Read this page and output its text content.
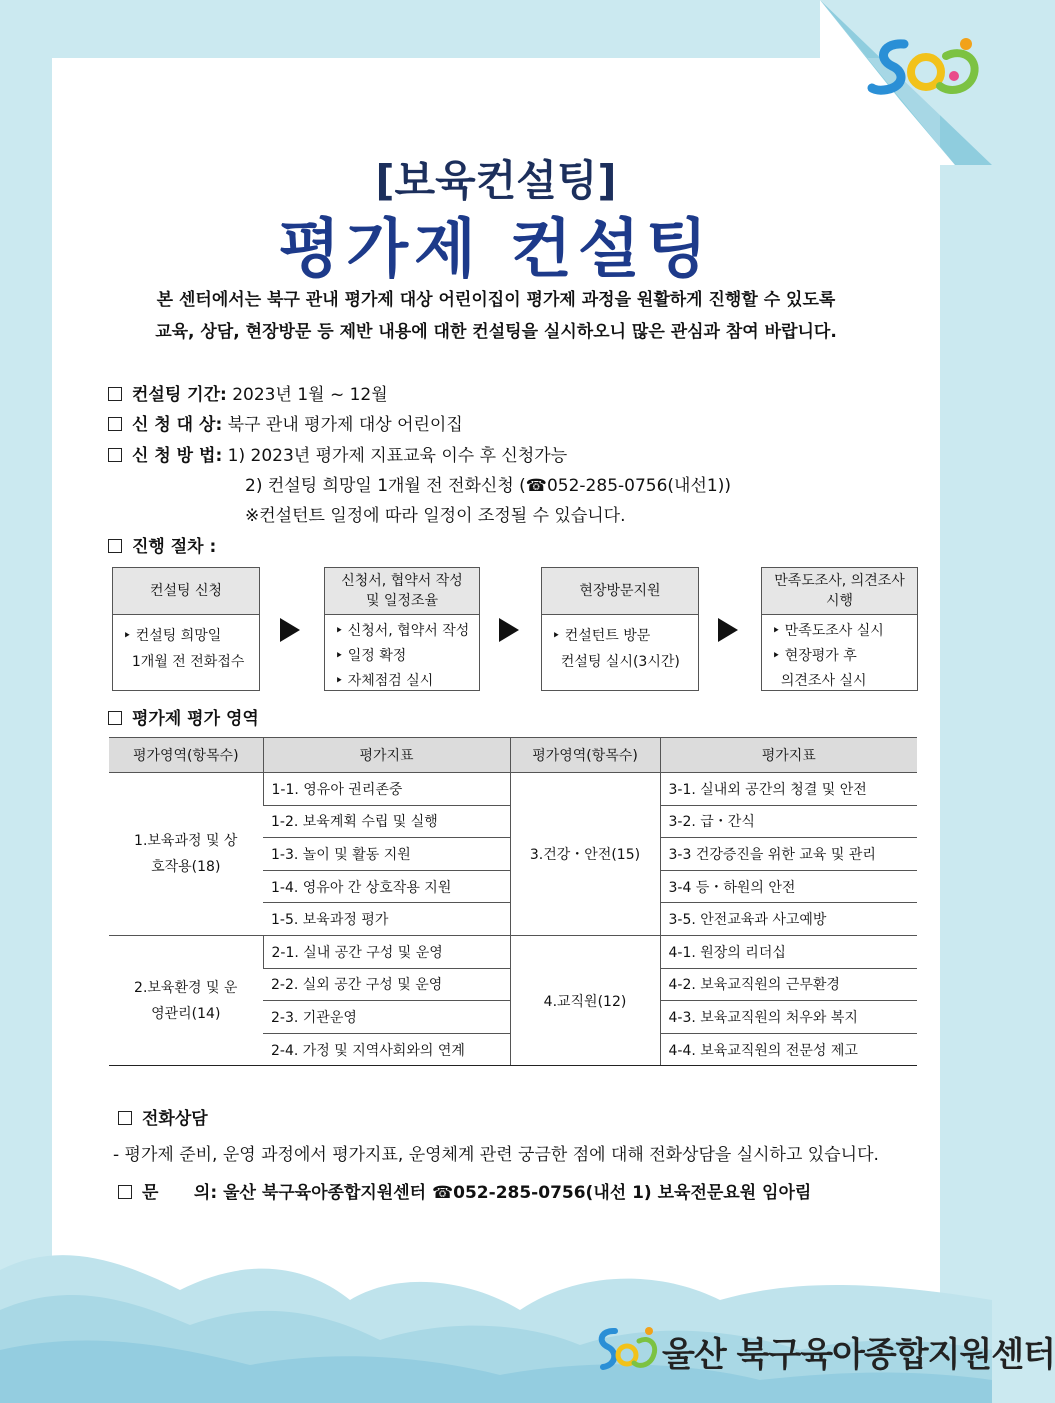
[보육컨설팅]
평가제 컨설팅
본 센터에서는 북구 관내 평가제 대상 어린이집이 평가제 과정을 원활하게 진행할 수 있도록
교육, 상담, 현장방문 등 제반 내용에 대한 컨설팅을 실시하오니 많은 관심과 참여 바랍니다.
컨설팅 기간: 2023년 1월 ~ 12월
신 청 대 상: 북구 관내 평가제 대상 어린이집
신 청 방 법: 1) 2023년 평가제 지표교육 이수 후 신청가능
2) 컨설팅 희망일 1개월 전 전화신청 (☎052-285-0756(내선1))
※컨설턴트 일정에 따라 일정이 조정될 수 있습니다.
진행 절차 :
컨설팅 신청
‣ 컨설팅 희망일
1개월 전 전화접수
신청서, 협약서 작성 및 일정조율
‣ 신청서, 협약서 작성
‣ 일정 확정
‣ 자체점검 실시
현장방문지원
‣ 컨설턴트 방문
컨설팅 실시(3시간)
만족도조사, 의견조사 시행
‣ 만족도조사 실시
‣ 현장평가 후
의견조사 실시
평가제 평가 영역
평가영역(항목수)	평가지표	평가영역(항목수)	평가지표
1.보육과정 및 상호작용(18)	1-1. 영유아 권리존중	3.건강・안전(15)	3-1. 실내외 공간의 청결 및 안전
	1-2. 보육계획 수립 및 실행		3-2. 급・간식
	1-3. 놀이 및 활동 지원		3-3 건강증진을 위한 교육 및 관리
	1-4. 영유아 간 상호작용 지원		3-4 등・하원의 안전
	1-5. 보육과정 평가		3-5. 안전교육과 사고예방
2.보육환경 및 운영관리(14)	2-1. 실내 공간 구성 및 운영	4.교직원(12)	4-1. 원장의 리더십
	2-2. 실외 공간 구성 및 운영		4-2. 보육교직원의 근무환경
	2-3. 기관운영		4-3. 보육교직원의 처우와 복지
	2-4. 가정 및 지역사회와의 연계		4-4. 보육교직원의 전문성 제고
전화상담
- 평가제 준비, 운영 과정에서 평가지표, 운영체계 관련 궁금한 점에 대해 전화상담을 실시하고 있습니다.
문      의: 울산 북구육아종합지원센터 ☎052-285-0756(내선 1) 보육전문요원 임아림
울산 북구육아종합지원센터
